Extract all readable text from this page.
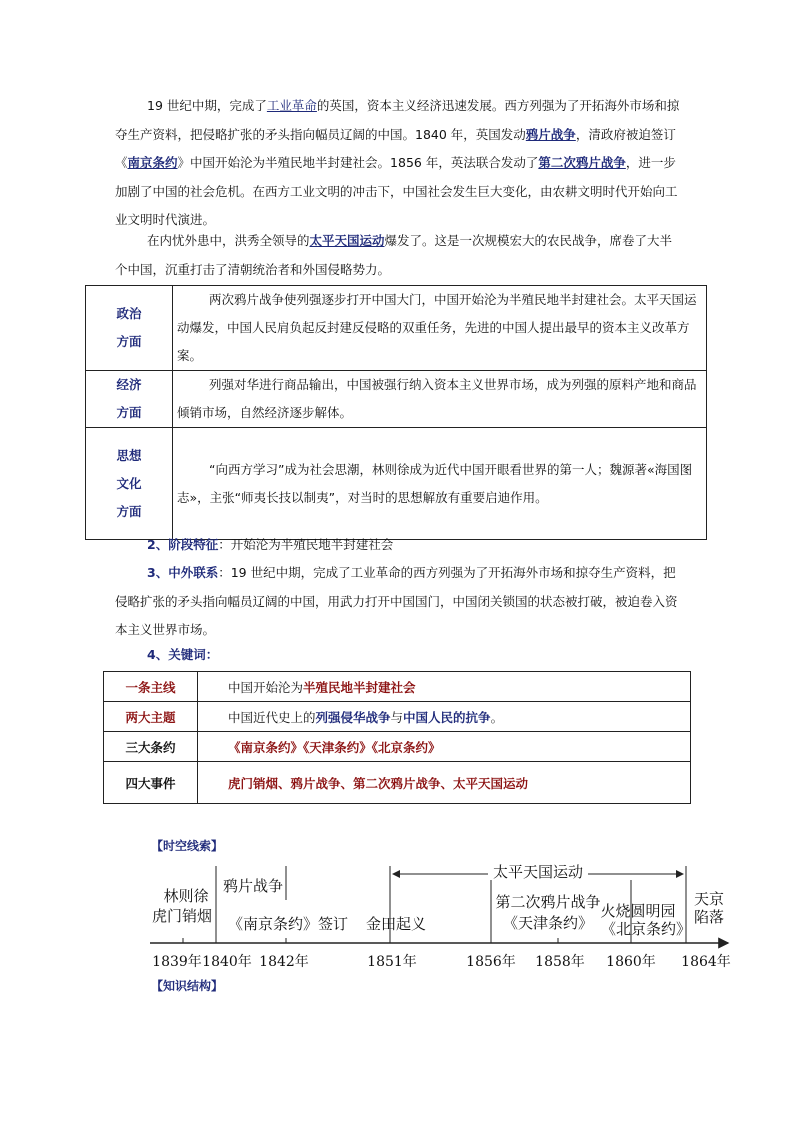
19 世纪中期，完成了工业革命的英国，资本主义经济迅速发展。西方列强为了开拓海外市场和掠夺生产资料，把侵略扩张的矛头指向幅员辽阔的中国。1840 年，英国发动鸦片战争，清政府被迫签订《南京条约》中国开始沦为半殖民地半封建社会。1856 年，英法联合发动了第二次鸦片战争，进一步加剧了中国的社会危机。在西方工业文明的冲击下，中国社会发生巨大变化，由农耕文明时代开始向工业文明时代演进。

在内忧外患中，洪秀全领导的太平天国运动爆发了。这是一次规模宏大的农民战争，席卷了大半个中国，沉重打击了清朝统治者和外国侵略势力。

政治方面	两次鸦片战争使列强逐步打开中国大门，中国开始沦为半殖民地半封建社会。太平天国运动爆发，中国人民肩负起反封建反侵略的双重任务，先进的中国人提出最早的资本主义改革方案。
经济方面	列强对华进行商品输出，中国被强行纳入资本主义世界市场，成为列强的原料产地和商品倾销市场，自然经济逐步解体。
思想文化方面	“向西方学习”成为社会思潮，林则徐成为近代中国开眼看世界的第一人；魏源著«海国图志»，主张“师夷长技以制夷”，对当时的思想解放有重要启迪作用。

2、阶段特征：开始沦为半殖民地半封建社会

3、中外联系：19 世纪中期，完成了工业革命的西方列强为了开拓海外市场和掠夺生产资料，把侵略扩张的矛头指向幅员辽阔的中国，用武力打开中国国门，中国闭关锁国的状态被打破，被迫卷入资本主义世界市场。

4、关键词：

一条主线	中国开始沦为半殖民地半封建社会
两大主题	中国近代史上的列强侵华战争与中国人民的抗争。
三大条约	《南京条约》《天津条约》《北京条约》
四大事件	虎门销烟、鸦片战争、第二次鸦片战争、太平天国运动
【时空线索】
太平天国运动
林则徐
虎门销烟
鸦片战争
《南京条约》签订 金田起义
第二次鸦片战争
《天津条约》
火烧圆明园
《北京条约》
天京
陷落
1839年 1840年 1842年	1851年	1856年 1858年 1860年 1864年
【知识结构】
